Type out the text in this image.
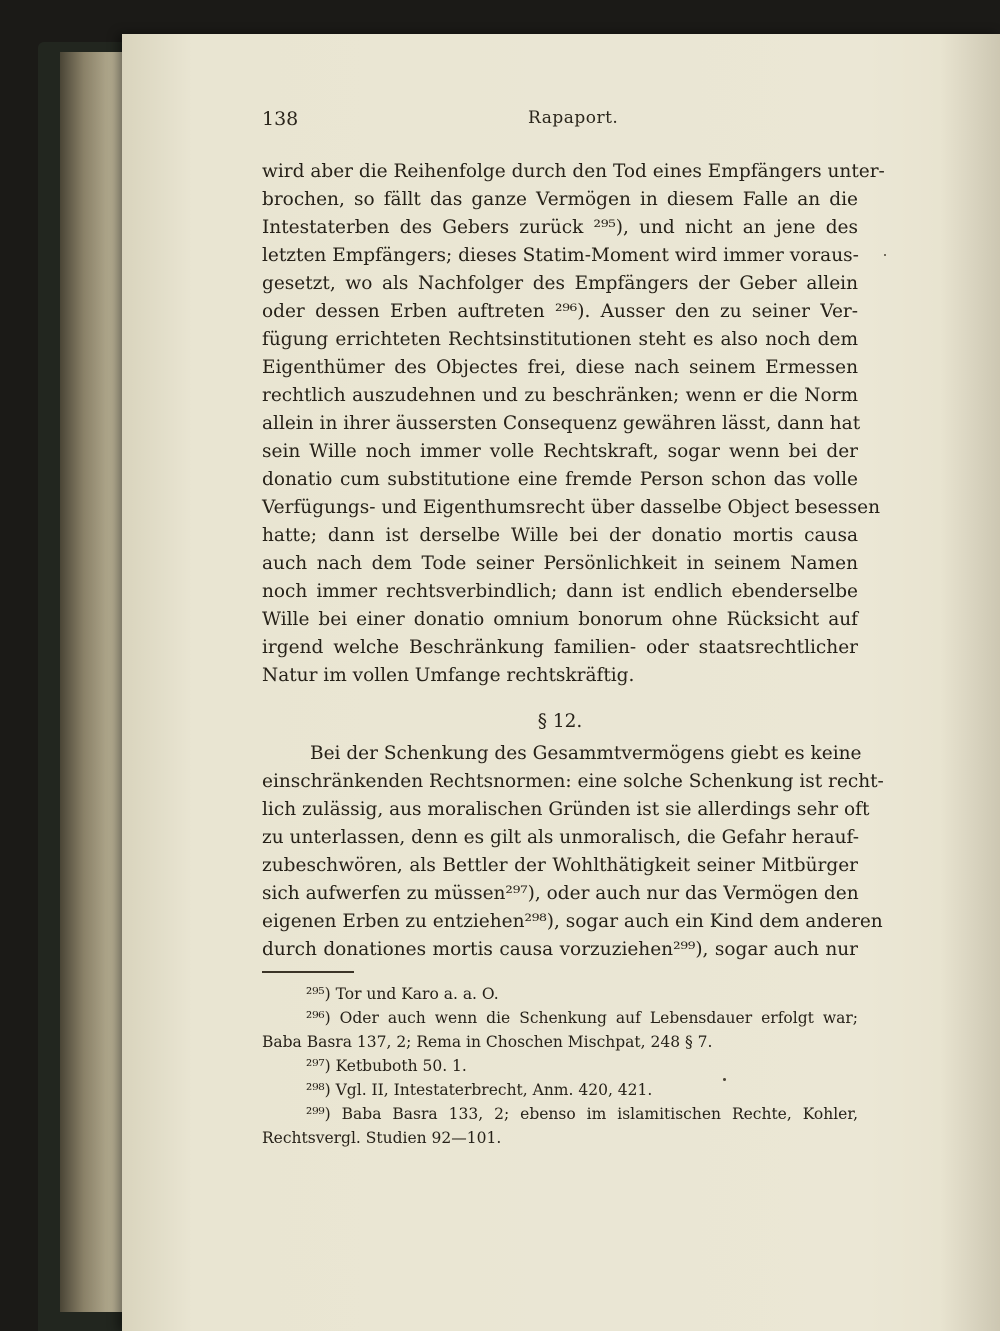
138	Rapaport.
wird aber die Reihenfolge durch den Tod eines Empfängers unter-
brochen, so fällt das ganze Vermögen in diesem Falle an die
Intestaterben des Gebers zurück ²⁹⁵), und nicht an jene des
letzten Empfängers; dieses Statim-Moment wird immer voraus-
gesetzt, wo als Nachfolger des Empfängers der Geber allein
oder dessen Erben auftreten ²⁹⁶). Ausser den zu seiner Ver-
fügung errichteten Rechtsinstitutionen steht es also noch dem
Eigenthümer des Objectes frei, diese nach seinem Ermessen
rechtlich auszudehnen und zu beschränken; wenn er die Norm
allein in ihrer äussersten Consequenz gewähren lässt, dann hat
sein Wille noch immer volle Rechtskraft, sogar wenn bei der
donatio cum substitutione eine fremde Person schon das volle
Verfügungs- und Eigenthumsrecht über dasselbe Object besessen
hatte; dann ist derselbe Wille bei der donatio mortis causa
auch nach dem Tode seiner Persönlichkeit in seinem Namen
noch immer rechtsverbindlich; dann ist endlich ebenderselbe
Wille bei einer donatio omnium bonorum ohne Rücksicht auf
irgend welche Beschränkung familien- oder staatsrechtlicher
Natur im vollen Umfange rechtskräftig.
§ 12.
Bei der Schenkung des Gesammtvermögens giebt es keine
einschränkenden Rechtsnormen: eine solche Schenkung ist recht-
lich zulässig, aus moralischen Gründen ist sie allerdings sehr oft
zu unterlassen, denn es gilt als unmoralisch, die Gefahr herauf-
zubeschwören, als Bettler der Wohlthätigkeit seiner Mitbürger
sich aufwerfen zu müssen²⁹⁷), oder auch nur das Vermögen den
eigenen Erben zu entziehen²⁹⁸), sogar auch ein Kind dem anderen
durch donationes mortis causa vorzuziehen²⁹⁹), sogar auch nur
²⁹⁵) Tor und Karo a. a. O.
²⁹⁶) Oder auch wenn die Schenkung auf Lebensdauer erfolgt war;
Baba Basra 137, 2; Rema in Choschen Mischpat, 248 § 7.
²⁹⁷) Ketbuboth 50. 1.
²⁹⁸) Vgl. II, Intestaterbrecht, Anm. 420, 421.
²⁹⁹) Baba Basra 133, 2; ebenso im islamitischen Rechte, Kohler,
Rechtsvergl. Studien 92—101.
